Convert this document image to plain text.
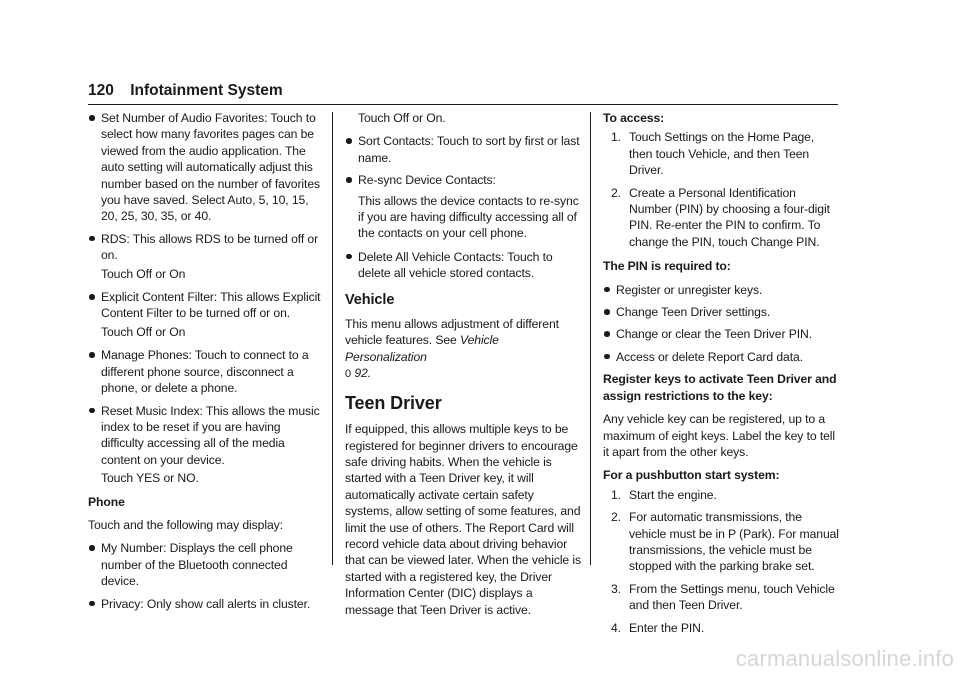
120 Infotainment System
Set Number of Audio Favorites: Touch to select how many favorites pages can be viewed from the audio application. The auto setting will automatically adjust this number based on the number of favorites you have saved. Select Auto, 5, 10, 15, 20, 25, 30, 35, or 40.
RDS: This allows RDS to be turned off or on.
Touch Off or On
Explicit Content Filter: This allows Explicit Content Filter to be turned off or on.
Touch Off or On
Manage Phones: Touch to connect to a different phone source, disconnect a phone, or delete a phone.
Reset Music Index: This allows the music index to be reset if you are having difficulty accessing all of the media content on your device.
Touch YES or NO.

Phone

Touch and the following may display:

My Number: Displays the cell phone number of the Bluetooth connected device.
Privacy: Only show call alerts in cluster.
Touch Off or On.
Sort Contacts: Touch to sort by first or last name.
Re-sync Device Contacts:
This allows the device contacts to re-sync if you are having difficulty accessing all of the contacts on your cell phone.
Delete All Vehicle Contacts: Touch to delete all vehicle stored contacts.
Vehicle

This menu allows adjustment of different vehicle features. See Vehicle Personalization
0 92.

Teen Driver

If equipped, this allows multiple keys to be registered for beginner drivers to encourage safe driving habits. When the vehicle is started with a Teen Driver key, it will automatically activate certain safety systems, allow setting of some features, and limit the use of others. The Report Card will record vehicle data about driving behavior that can be viewed later. When the vehicle is started with a registered key, the Driver Information Center (DIC) displays a message that Teen Driver is active.

To access:

1. Touch Settings on the Home Page, then touch Vehicle, and then Teen Driver.
2. Create a Personal Identification Number (PIN) by choosing a four-digit PIN. Re-enter the PIN to confirm. To change the PIN, touch Change PIN.

The PIN is required to:

Register or unregister keys.
Change Teen Driver settings.
Change or clear the Teen Driver PIN.
Access or delete Report Card data.

Register keys to activate Teen Driver and assign restrictions to the key:

Any vehicle key can be registered, up to a maximum of eight keys. Label the key to tell it apart from the other keys.

For a pushbutton start system:

1. Start the engine.
2. For automatic transmissions, the vehicle must be in P (Park). For manual transmissions, the vehicle must be stopped with the parking brake set.
3. From the Settings menu, touch Vehicle and then Teen Driver.
4. Enter the PIN.
carmanualsonline.info
